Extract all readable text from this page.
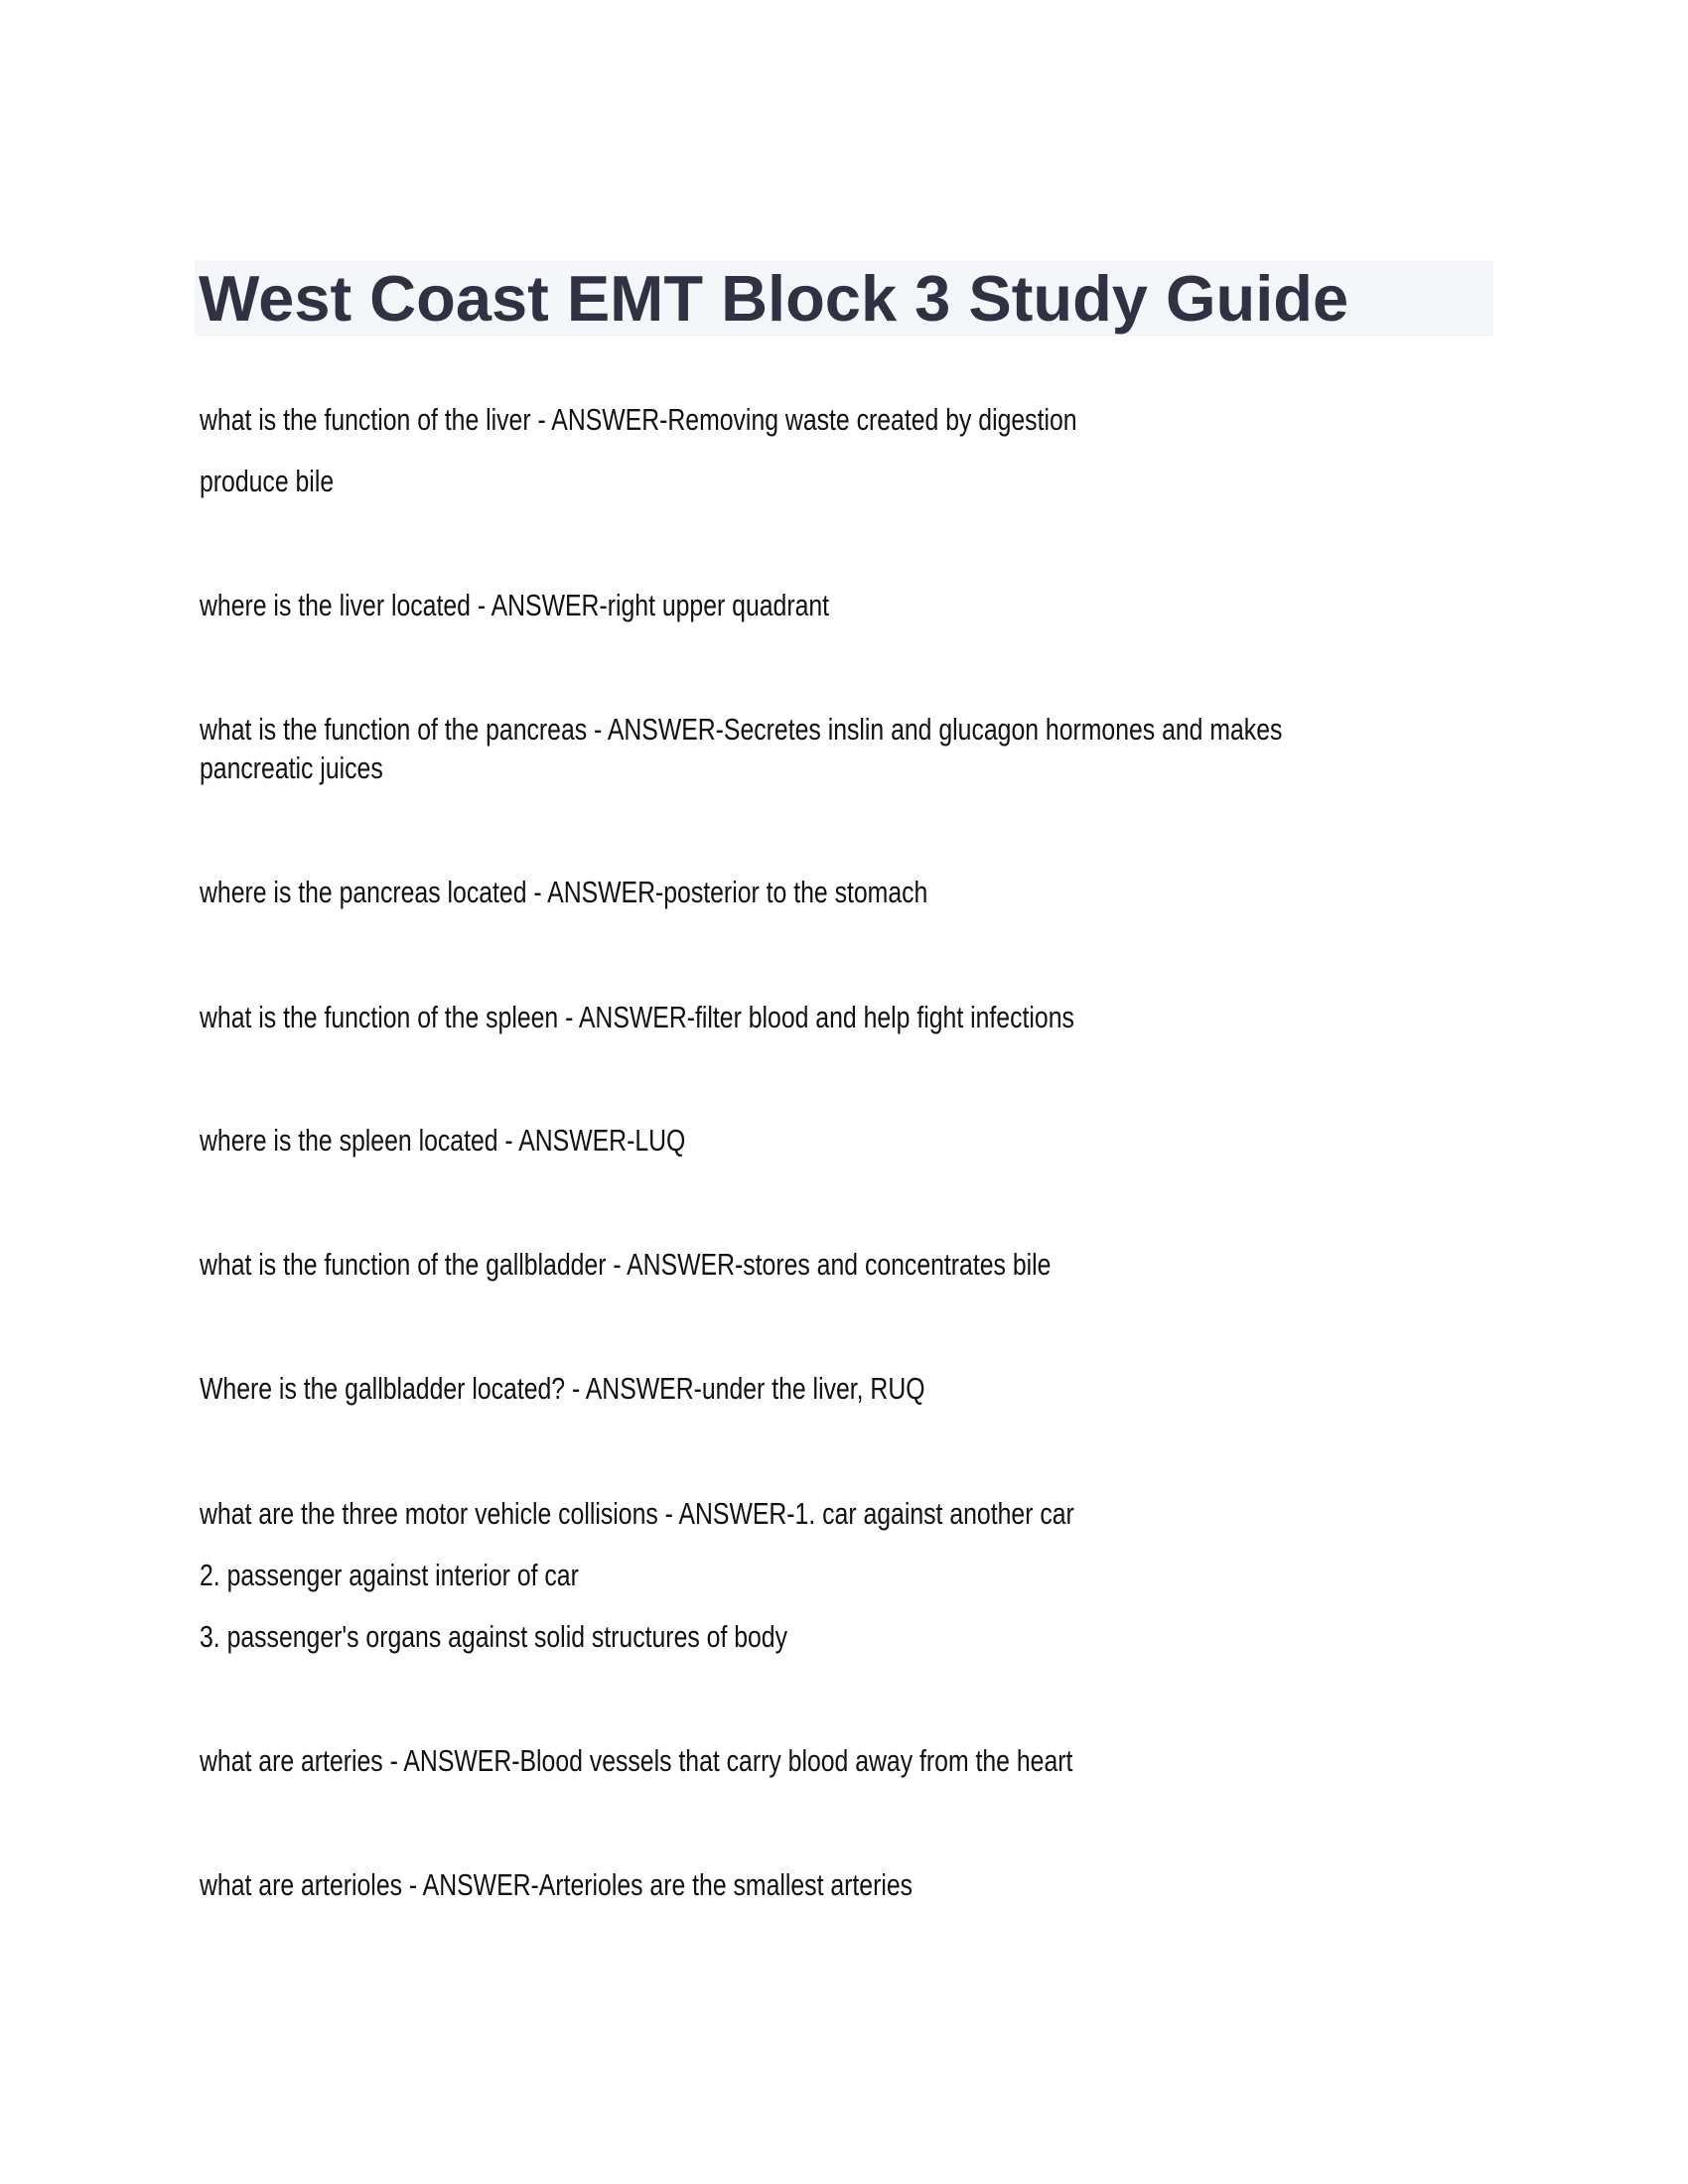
West Coast EMT Block 3 Study Guide

what is the function of the liver - ANSWER-Removing waste created by digestion

produce bile

where is the liver located - ANSWER-right upper quadrant

what is the function of the pancreas - ANSWER-Secretes inslin and glucagon hormones and makes

pancreatic juices

where is the pancreas located - ANSWER-posterior to the stomach

what is the function of the spleen - ANSWER-filter blood and help fight infections

where is the spleen located - ANSWER-LUQ

what is the function of the gallbladder - ANSWER-stores and concentrates bile

Where is the gallbladder located? - ANSWER-under the liver, RUQ

what are the three motor vehicle collisions - ANSWER-1. car against another car

2. passenger against interior of car

3. passenger's organs against solid structures of body

what are arteries - ANSWER-Blood vessels that carry blood away from the heart

what are arterioles - ANSWER-Arterioles are the smallest arteries
